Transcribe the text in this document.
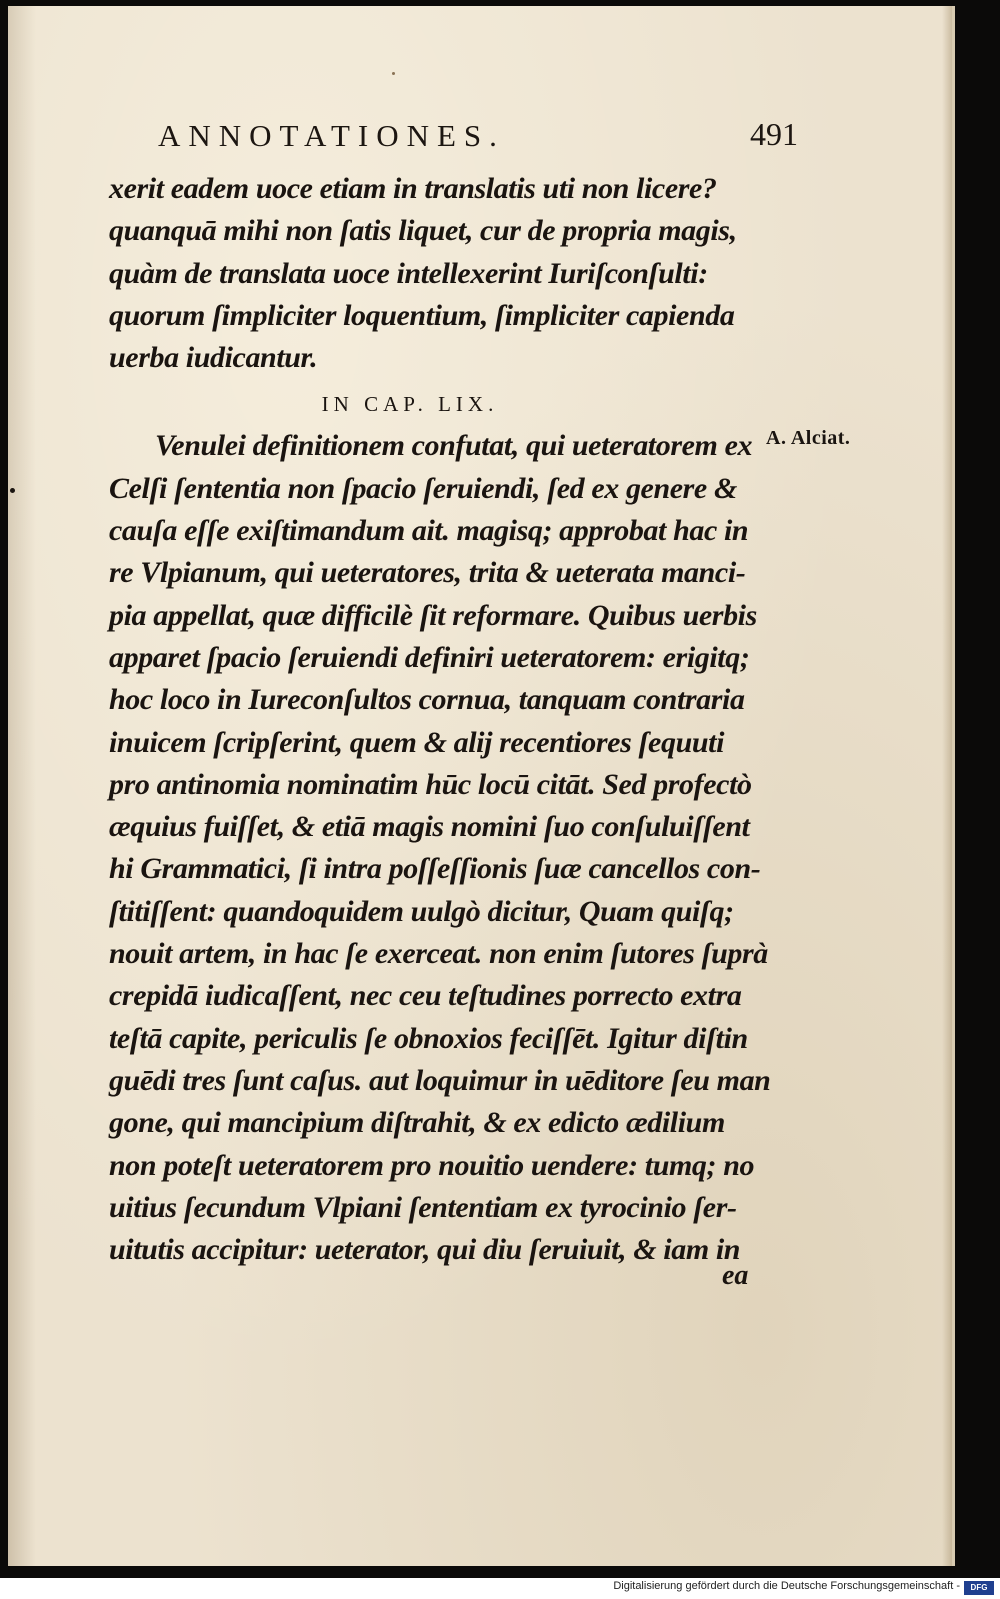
ANNOTATIONES.	491
xerit eadem uoce etiam in translatis uti non licere?
quanquā mihi non ſatis liquet, cur de propria magis,
quàm de translata uoce intellexerint Iuriſconſulti:
quorum ſimpliciter loquentium, ſimpliciter capienda
uerba iudicantur.
IN CAP. LIX.
Venulei definitionem confutat, qui ueteratorem ex
Celſi ſententia non ſpacio ſeruiendi, ſed ex genere &
cauſa eſſe exiſtimandum ait. magisq; approbat hac in
re Vlpianum, qui ueteratores, trita & ueterata manci-
pia appellat, quæ difficilè ſit reformare. Quibus uerbis
apparet ſpacio ſeruiendi definiri ueteratorem: erigitq;
hoc loco in Iureconſultos cornua, tanquam contraria
inuicem ſcripſerint, quem & alij recentiores ſequuti
pro antinomia nominatim hūc locū citāt. Sed profectò
æquius fuiſſet, & etiā magis nomini ſuo conſuluiſſent
hi Grammatici, ſi intra poſſeſſionis ſuæ cancellos con-
ſtitiſſent: quandoquidem uulgò dicitur, Quam quiſq;
nouit artem, in hac ſe exerceat. non enim ſutores ſuprà
crepidā iudicaſſent, nec ceu teſtudines porrecto extra
teſtā capite, periculis ſe obnoxios feciſſēt. Igitur diſtin
guēdi tres ſunt caſus. aut loquimur in uēditore ſeu man
gone, qui mancipium diſtrahit, & ex edicto ædilium
non poteſt ueteratorem pro nouitio uendere: tumq; no
uitius ſecundum Vlpiani ſententiam ex tyrocinio ſer-
uitutis accipitur: ueterator, qui diu ſeruiuit, & iam in
A. Alciat.
ea
Digitalisierung gefördert durch die Deutsche Forschungsgemeinschaft -	DFG
